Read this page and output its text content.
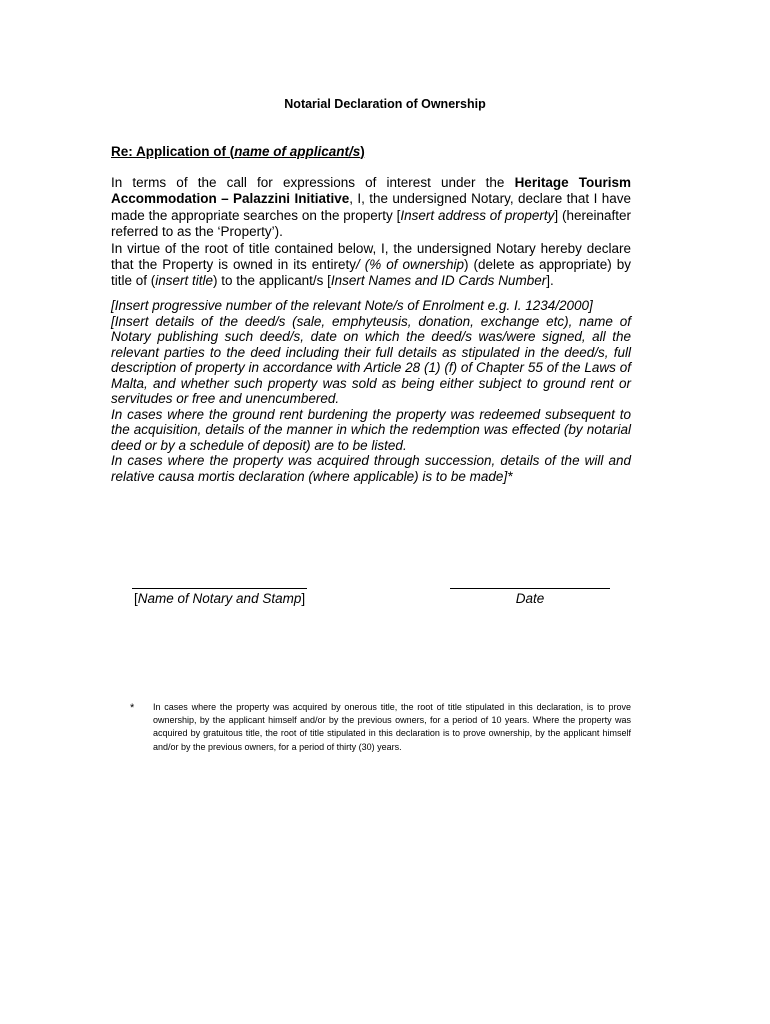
Notarial Declaration of Ownership
Re: Application of (name of applicant/s)

In terms of the call for expressions of interest under the Heritage Tourism Accommodation – Palazzini Initiative, I, the undersigned Notary, declare that I have made the appropriate searches on the property [Insert address of property] (hereinafter referred to as the ‘Property’).

In virtue of the root of title contained below, I, the undersigned Notary hereby declare that the Property is owned in its entirety/ (% of ownership) (delete as appropriate) by title of (insert title) to the applicant/s [Insert Names and ID Cards Number].

[Insert progressive number of the relevant Note/s of Enrolment e.g. I. 1234/2000]

[Insert details of the deed/s (sale, emphyteusis, donation, exchange etc), name of Notary publishing such deed/s, date on which the deed/s was/were signed, all the relevant parties to the deed including their full details as stipulated in the deed/s, full description of property in accordance with Article 28 (1) (f) of Chapter 55 of the Laws of Malta, and whether such property was sold as being either subject to ground rent or servitudes or free and unencumbered.

In cases where the ground rent burdening the property was redeemed subsequent to the acquisition, details of the manner in which the redemption was effected (by notarial deed or by a schedule of deposit) are to be listed.

In cases where the property was acquired through succession, details of the will and relative causa mortis declaration (where applicable) is to be made]*

[Name of Notary and Stamp]	Date
* In cases where the property was acquired by onerous title, the root of title stipulated in this declaration, is to prove ownership, by the applicant himself and/or by the previous owners, for a period of 10 years. Where the property was acquired by gratuitous title, the root of title stipulated in this declaration is to prove ownership, by the applicant himself and/or by the previous owners, for a period of thirty (30) years.
